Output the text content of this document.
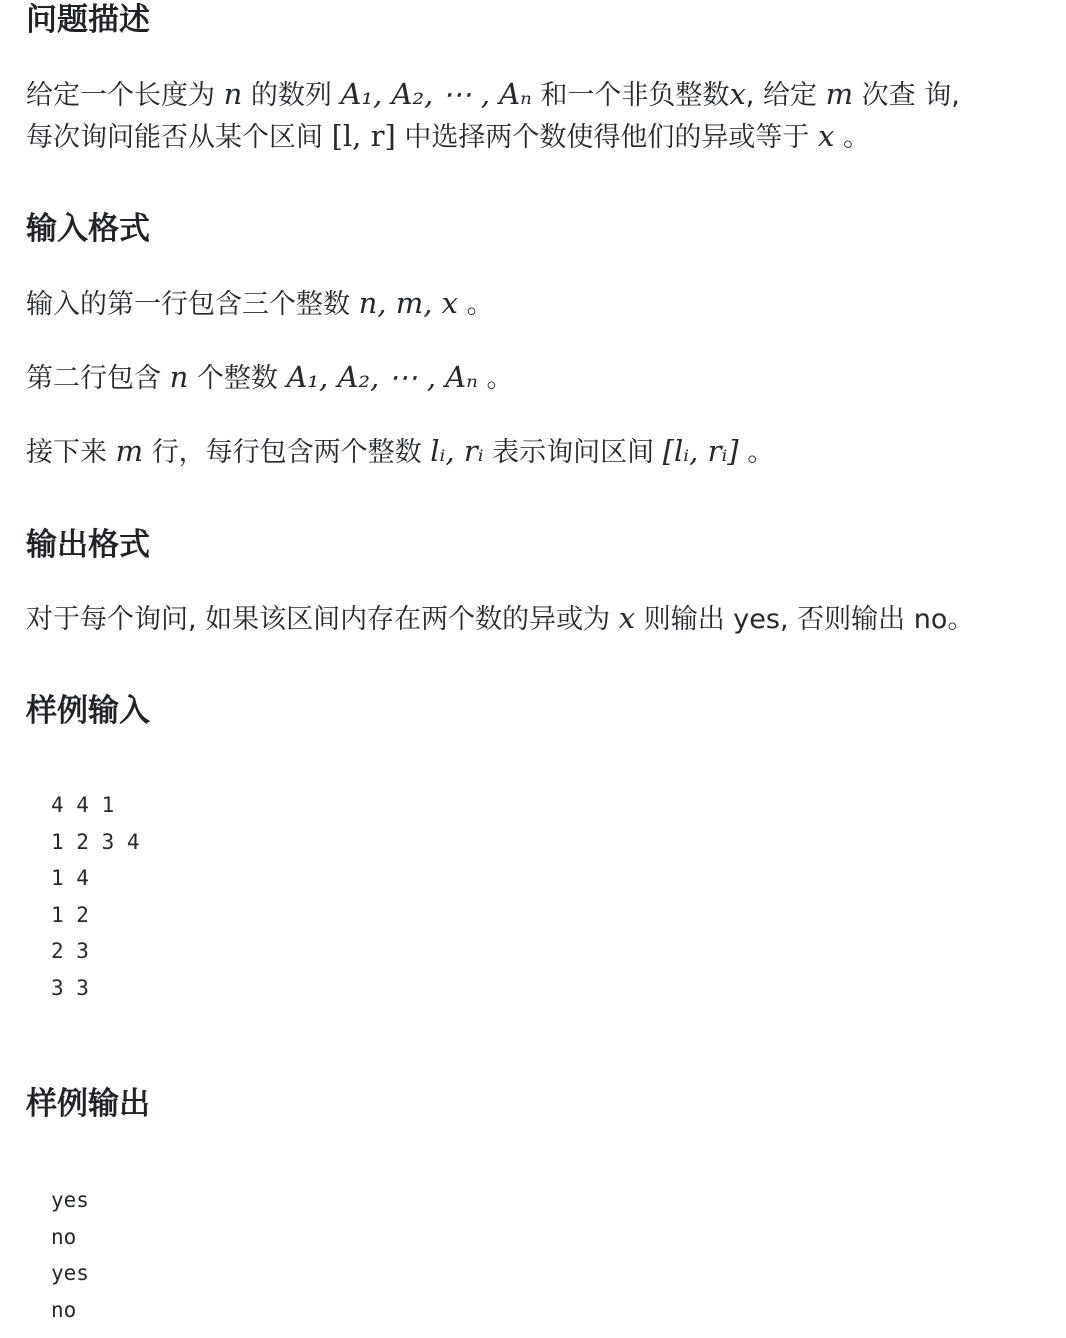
问题描述

给定一个长度为 n 的数列 A₁, A₂, ⋯ , Aₙ 和一个非负整数x, 给定 m 次查 询,

每次询问能否从某个区间 [l, r] 中选择两个数使得他们的异或等于 x 。

输入格式

输入的第一行包含三个整数 n, m, x 。

第二行包含 n 个整数 A₁, A₂, ⋯ , Aₙ 。

接下来 m 行，每行包含两个整数 lᵢ, rᵢ 表示询问区间 [lᵢ, rᵢ] 。

输出格式

对于每个询问, 如果该区间内存在两个数的异或为 x 则输出 yes, 否则输出 no。

样例输入
4 4 1
1 2 3 4
1 4
1 2
2 3
3 3
样例输出
yes
no
yes
no
